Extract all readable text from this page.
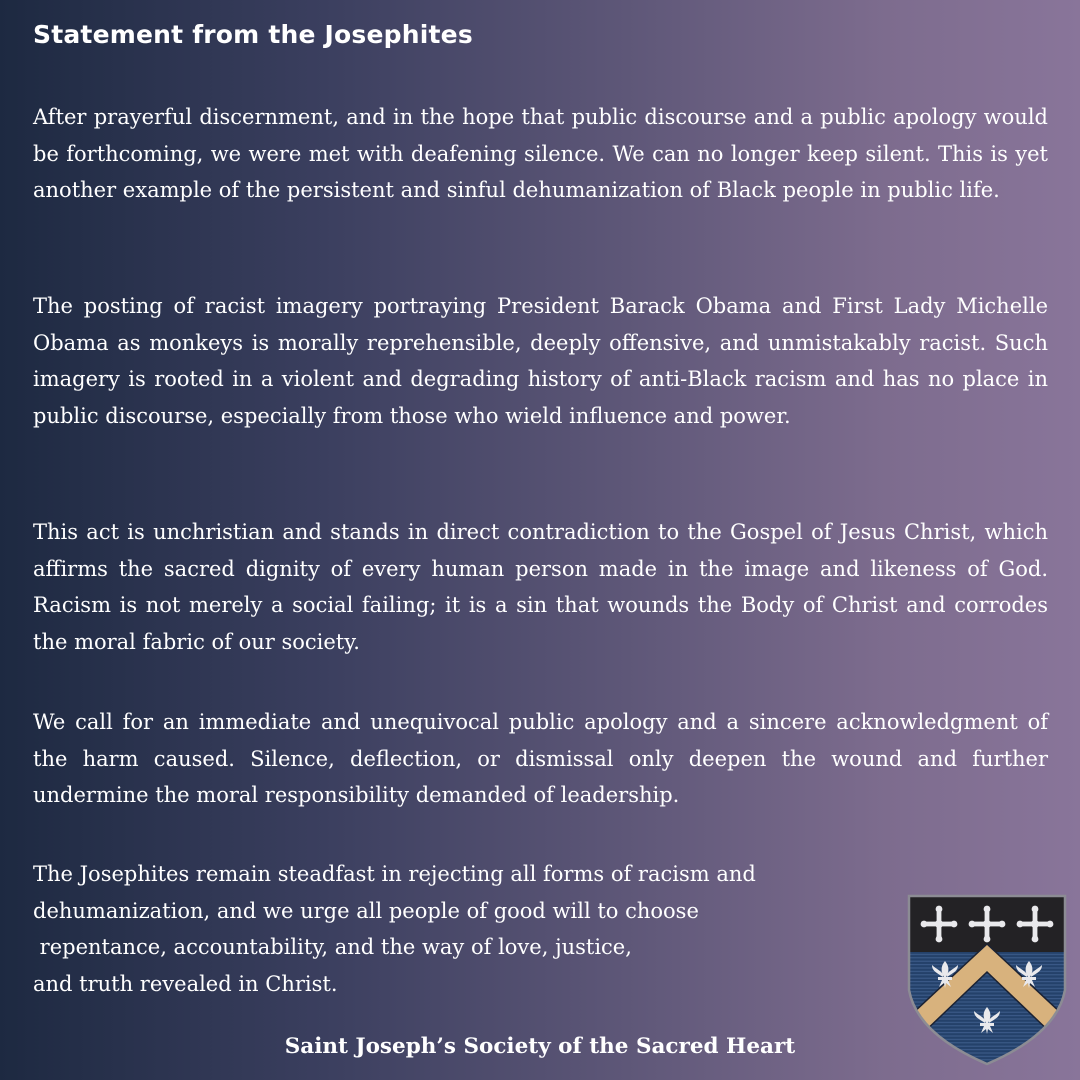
Statement from the Josephites

After prayerful discernment, and in the hope that public discourse and a public apology would be forthcoming, we were met with deafening silence. We can no longer keep silent. This is yet another example of the persistent and sinful dehumanization of Black people in public life.

The posting of racist imagery portraying President Barack Obama and First Lady Michelle Obama as monkeys is morally reprehensible, deeply offensive, and unmistakably racist. Such imagery is rooted in a violent and degrading history of anti-Black racism and has no place in public discourse, especially from those who wield influence and power.

This act is unchristian and stands in direct contradiction to the Gospel of Jesus Christ, which affirms the sacred dignity of every human person made in the image and likeness of God. Racism is not merely a social failing; it is a sin that wounds the Body of Christ and corrodes the moral fabric of our society.

We call for an immediate and unequivocal public apology and a sincere acknowledgment of the harm caused. Silence, deflection, or dismissal only deepen the wound and further undermine the moral responsibility demanded of leadership.

The Josephites remain steadfast in rejecting all forms of racism and
dehumanization, and we urge all people of good will to choose
repentance, accountability, and the way of love, justice,
and truth revealed in Christ.
Saint Joseph’s Society of the Sacred Heart
